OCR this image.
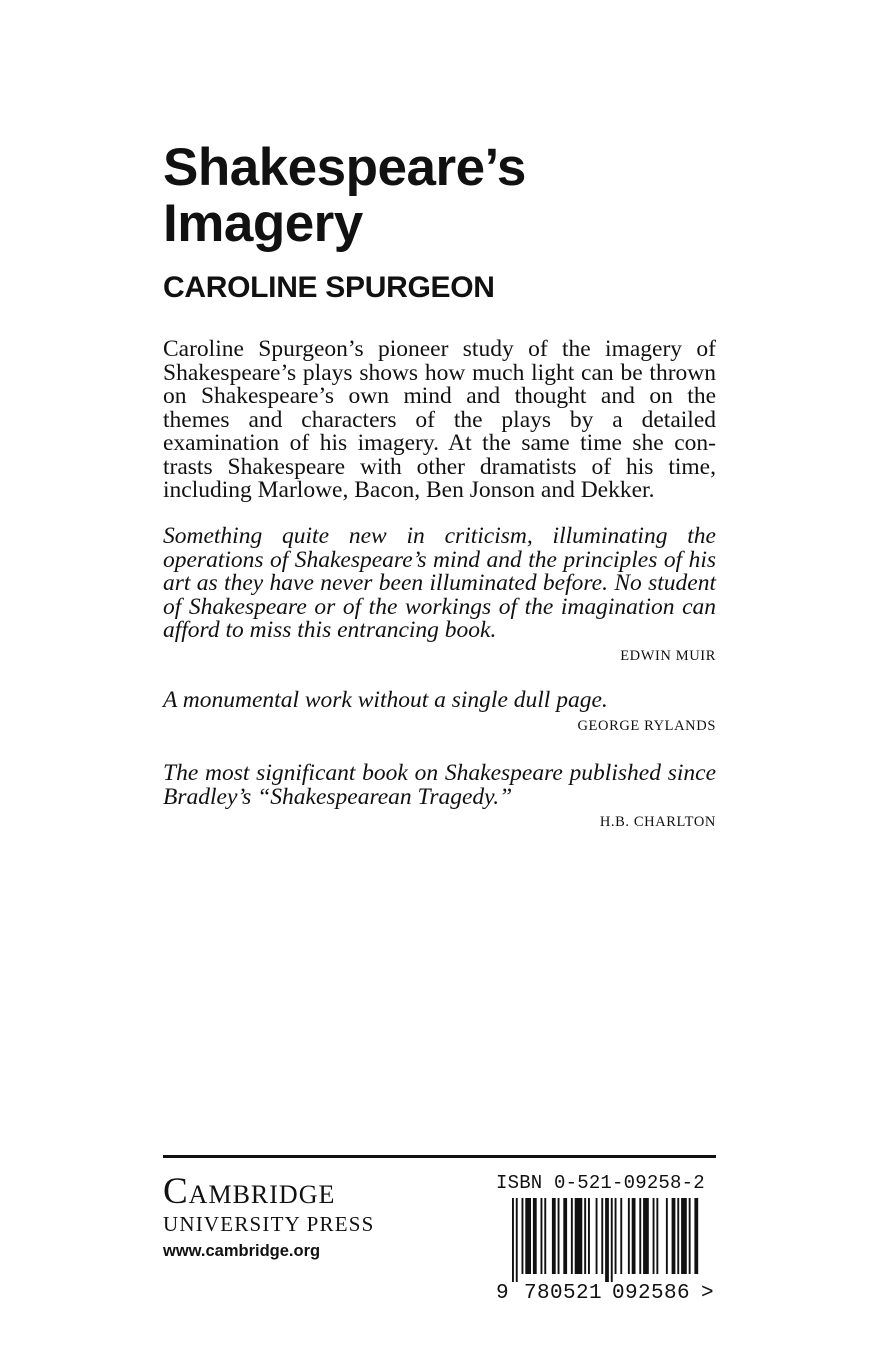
Shakespeare’s
Imagery
CAROLINE SPURGEON

Caroline Spurgeon’s pioneer study of the imagery of Shakespeare’s plays shows how much light can be thrown on Shakespeare’s own mind and thought and on the themes and characters of the plays by a detailed examination of his imagery. At the same time she contrasts Shakespeare with other dramatists of his time, including Marlowe, Bacon, Ben Jonson and Dekker.

Something quite new in criticism, illuminating the operations of Shakespeare’s mind and the principles of his art as they have never been illuminated before. No student of Shakespeare or of the workings of the imagination can afford to miss this entrancing book.

EDWIN MUIR

A monumental work without a single dull page.

GEORGE RYLANDS

The most significant book on Shakespeare published since Bradley’s “Shakespearean Tragedy.”

H.B. CHARLTON
Cambridge
UNIVERSITY PRESS
www.cambridge.org
ISBN 0-521-09258-2
9 780521 092586 >
